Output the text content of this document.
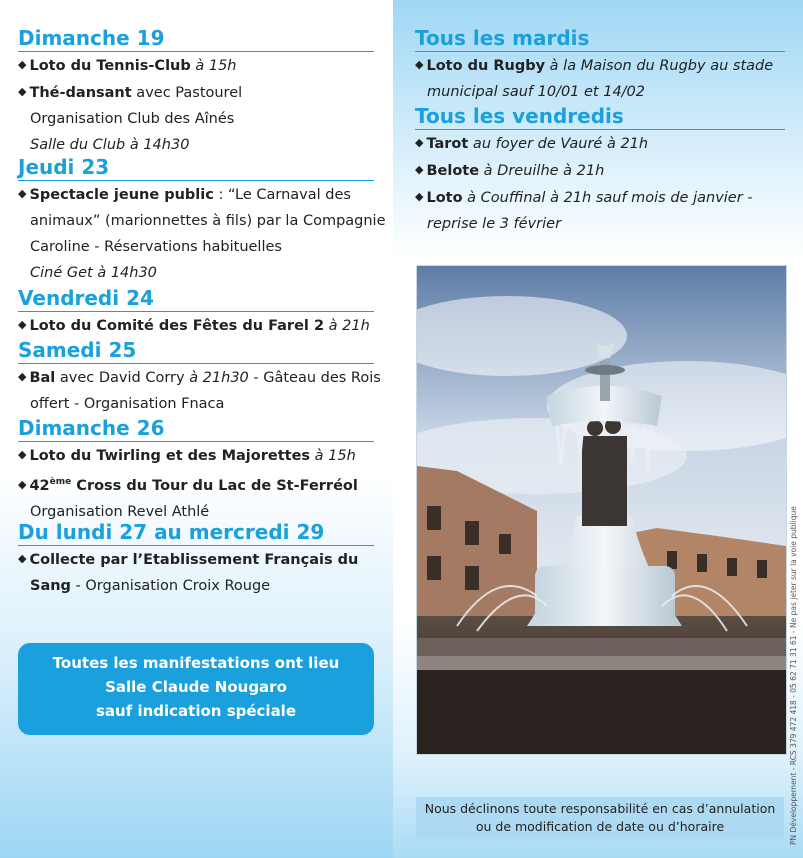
Dimanche 19
◆ Loto du Tennis-Club à 15h
◆ Thé-dansant avec Pastourel
Organisation Club des Aînés
Salle du Club à 14h30
Jeudi 23
◆ Spectacle jeune public : “Le Carnaval des
animaux” (marionnettes à fils) par la Compagnie
Caroline - Réservations habituelles
Ciné Get à 14h30
Vendredi 24
◆ Loto du Comité des Fêtes du Farel 2 à 21h
Samedi 25
◆ Bal avec David Corry à 21h30 - Gâteau des Rois
offert - Organisation Fnaca
Dimanche 26
◆ Loto du Twirling et des Majorettes à 15h
◆ 42ème Cross du Tour du Lac de St-Ferréol
Organisation Revel Athlé
Du lundi 27 au mercredi 29
◆ Collecte par l’Etablissement Français du
Sang - Organisation Croix Rouge
Toutes les manifestations ont lieu
Salle Claude Nougaro
sauf indication spéciale
Tous les mardis
◆ Loto du Rugby à la Maison du Rugby au stade
municipal sauf 10/01 et 14/02
Tous les vendredis
◆ Tarot au foyer de Vauré à 21h
◆ Belote à Dreuilhe à 21h
◆ Loto à Couffinal à 21h sauf mois de janvier -
reprise le 3 février
PN Développement - RCS 379 472 418 - 05 62 71 31 61 - Ne pas jeter sur la voie publique
Nous déclinons toute responsabilité en cas d’annulation
ou de modification de date ou d’horaire
